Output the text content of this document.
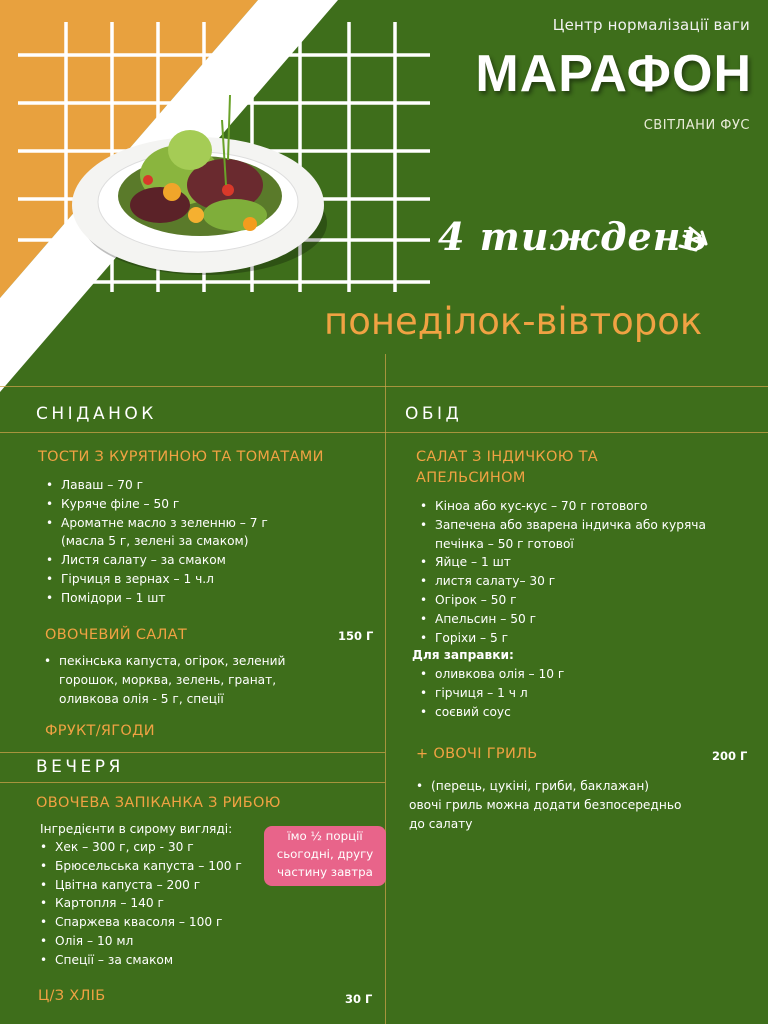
Центр нормалізації ваги
МАРАФОН
СВІТЛАНИ ФУС
4 тиждень
понеділок-вівторок
СНІДАНОК
ТОСТИ З КУРЯТИНОЮ ТА ТОМАТАМИ
• Лаваш – 70 г
• Куряче філе – 50 г
• Ароматне масло з зеленню – 7 г
(масла 5 г, зелені за смаком)
• Листя салату – за смаком
• Гірчиця в зернах – 1 ч.л
• Помідори – 1 шт
ОВОЧЕВИЙ САЛАТ	150 Г
• пекінська капуста, огірок, зелений горошок, морква, зелень, гранат, оливкова олія - 5 г, спеції
ФРУКТ/ЯГОДИ
ВЕЧЕРЯ
ОВОЧЕВА ЗАПІКАНКА З РИБОЮ
Інгредієнти в сирому вигляді:
• Хек – 300 г, сир - 30 г
• Брюсельська капуста – 100 г
• Цвітна капуста – 200 г
• Картопля – 140 г
• Спаржева квасоля – 100 г
• Олія – 10 мл
• Спеції – за смаком
їмо ½ порції
сьогодні, другу
частину завтра
Ц/З ХЛІБ	30 Г
ОБІД
САЛАТ З ІНДИЧКОЮ ТА
АПЕЛЬСИНОМ
• Кіноа або кус-кус – 70 г готового
• Запечена або зварена індичка або куряча печінка – 50 г готової
• Яйце – 1 шт
• листя салату– 30 г
• Огірок – 50 г
• Апельсин – 50 г
• Горіхи – 5 г
Для заправки:
• оливкова олія – 10 г
• гірчиця – 1 ч л
• соєвий соус
+ ОВОЧІ ГРИЛЬ	200 Г
• (перець, цукіні, гриби, баклажан)
овочі гриль можна додати безпосередньо
до салату
